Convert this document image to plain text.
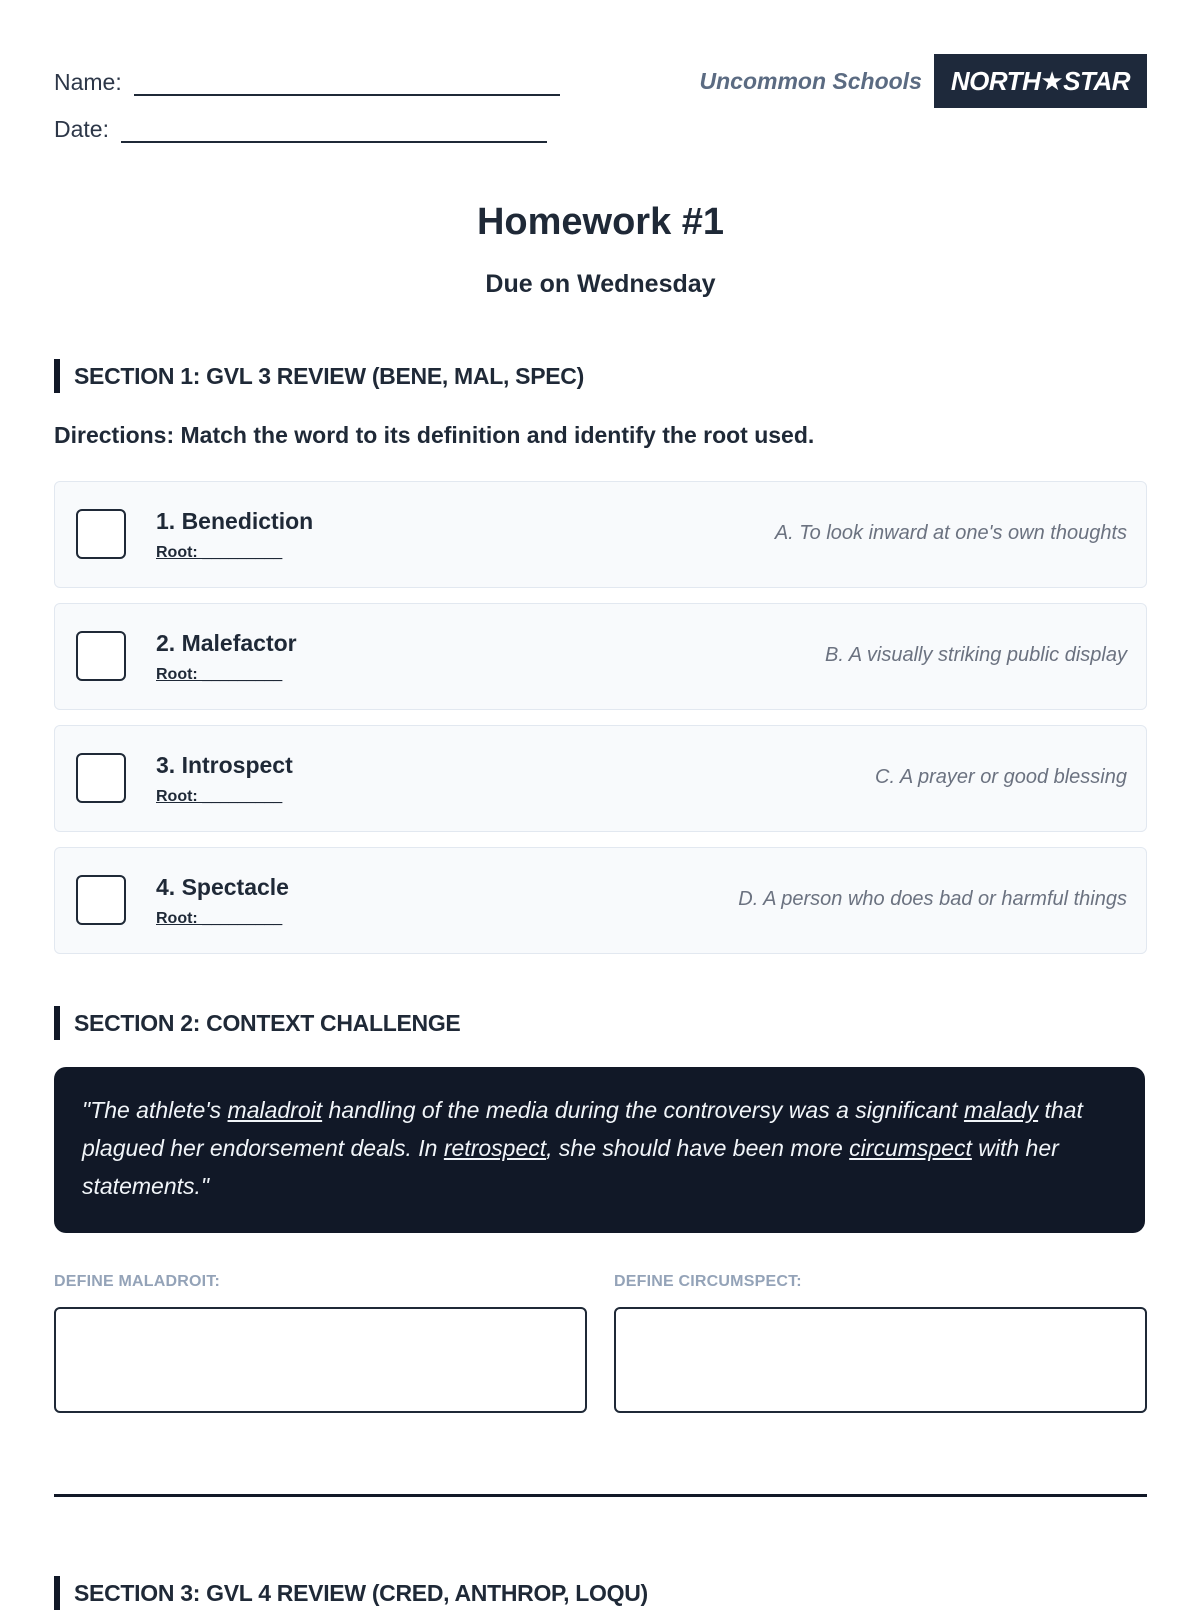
Name:
Date:
Uncommon Schools	NORTH★STAR
Homework #1
Due on Wednesday
SECTION 1: GVL 3 REVIEW (BENE, MAL, SPEC)
Directions: Match the word to its definition and identify the root used.
1. Benediction
Root: _________
A. To look inward at one's own thoughts
2. Malefactor
Root: _________
B. A visually striking public display
3. Introspect
Root: _________
C. A prayer or good blessing
4. Spectacle
Root: _________
D. A person who does bad or harmful things
SECTION 2: CONTEXT CHALLENGE
"The athlete's maladroit handling of the media during the controversy was a significant malady that plagued her endorsement deals. In retrospect, she should have been more circumspect with her statements."
DEFINE MALADROIT:	DEFINE CIRCUMSPECT:
SECTION 3: GVL 4 REVIEW (CRED, ANTHROP, LOQU)
